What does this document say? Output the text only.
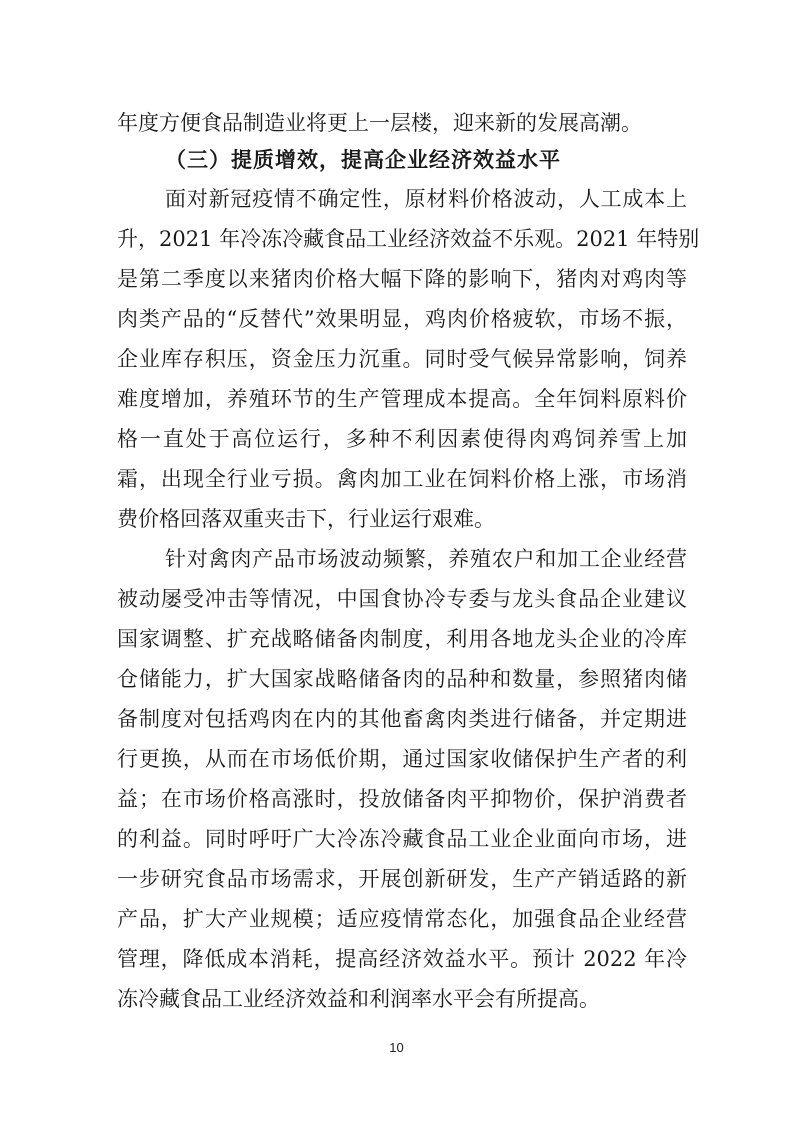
年度方便食品制造业将更上一层楼，迎来新的发展高潮。
（三）提质增效，提高企业经济效益水平
面对新冠疫情不确定性，原材料价格波动，人工成本上
升，2021 年冷冻冷藏食品工业经济效益不乐观。2021 年特别
是第二季度以来猪肉价格大幅下降的影响下，猪肉对鸡肉等
肉类产品的“反替代”效果明显，鸡肉价格疲软，市场不振，
企业库存积压，资金压力沉重。同时受气候异常影响，饲养
难度增加，养殖环节的生产管理成本提高。全年饲料原料价
格一直处于高位运行，多种不利因素使得肉鸡饲养雪上加
霜，出现全行业亏损。禽肉加工业在饲料价格上涨，市场消
费价格回落双重夹击下，行业运行艰难。
针对禽肉产品市场波动频繁，养殖农户和加工企业经营
被动屡受冲击等情况，中国食协冷专委与龙头食品企业建议
国家调整、扩充战略储备肉制度，利用各地龙头企业的冷库
仓储能力，扩大国家战略储备肉的品种和数量，参照猪肉储
备制度对包括鸡肉在内的其他畜禽肉类进行储备，并定期进
行更换，从而在市场低价期，通过国家收储保护生产者的利
益；在市场价格高涨时，投放储备肉平抑物价，保护消费者
的利益。同时呼吁广大冷冻冷藏食品工业企业面向市场，进
一步研究食品市场需求，开展创新研发，生产产销适路的新
产品，扩大产业规模；适应疫情常态化，加强食品企业经营
管理，降低成本消耗，提高经济效益水平。预计 2022 年冷
冻冷藏食品工业经济效益和利润率水平会有所提高。
10
